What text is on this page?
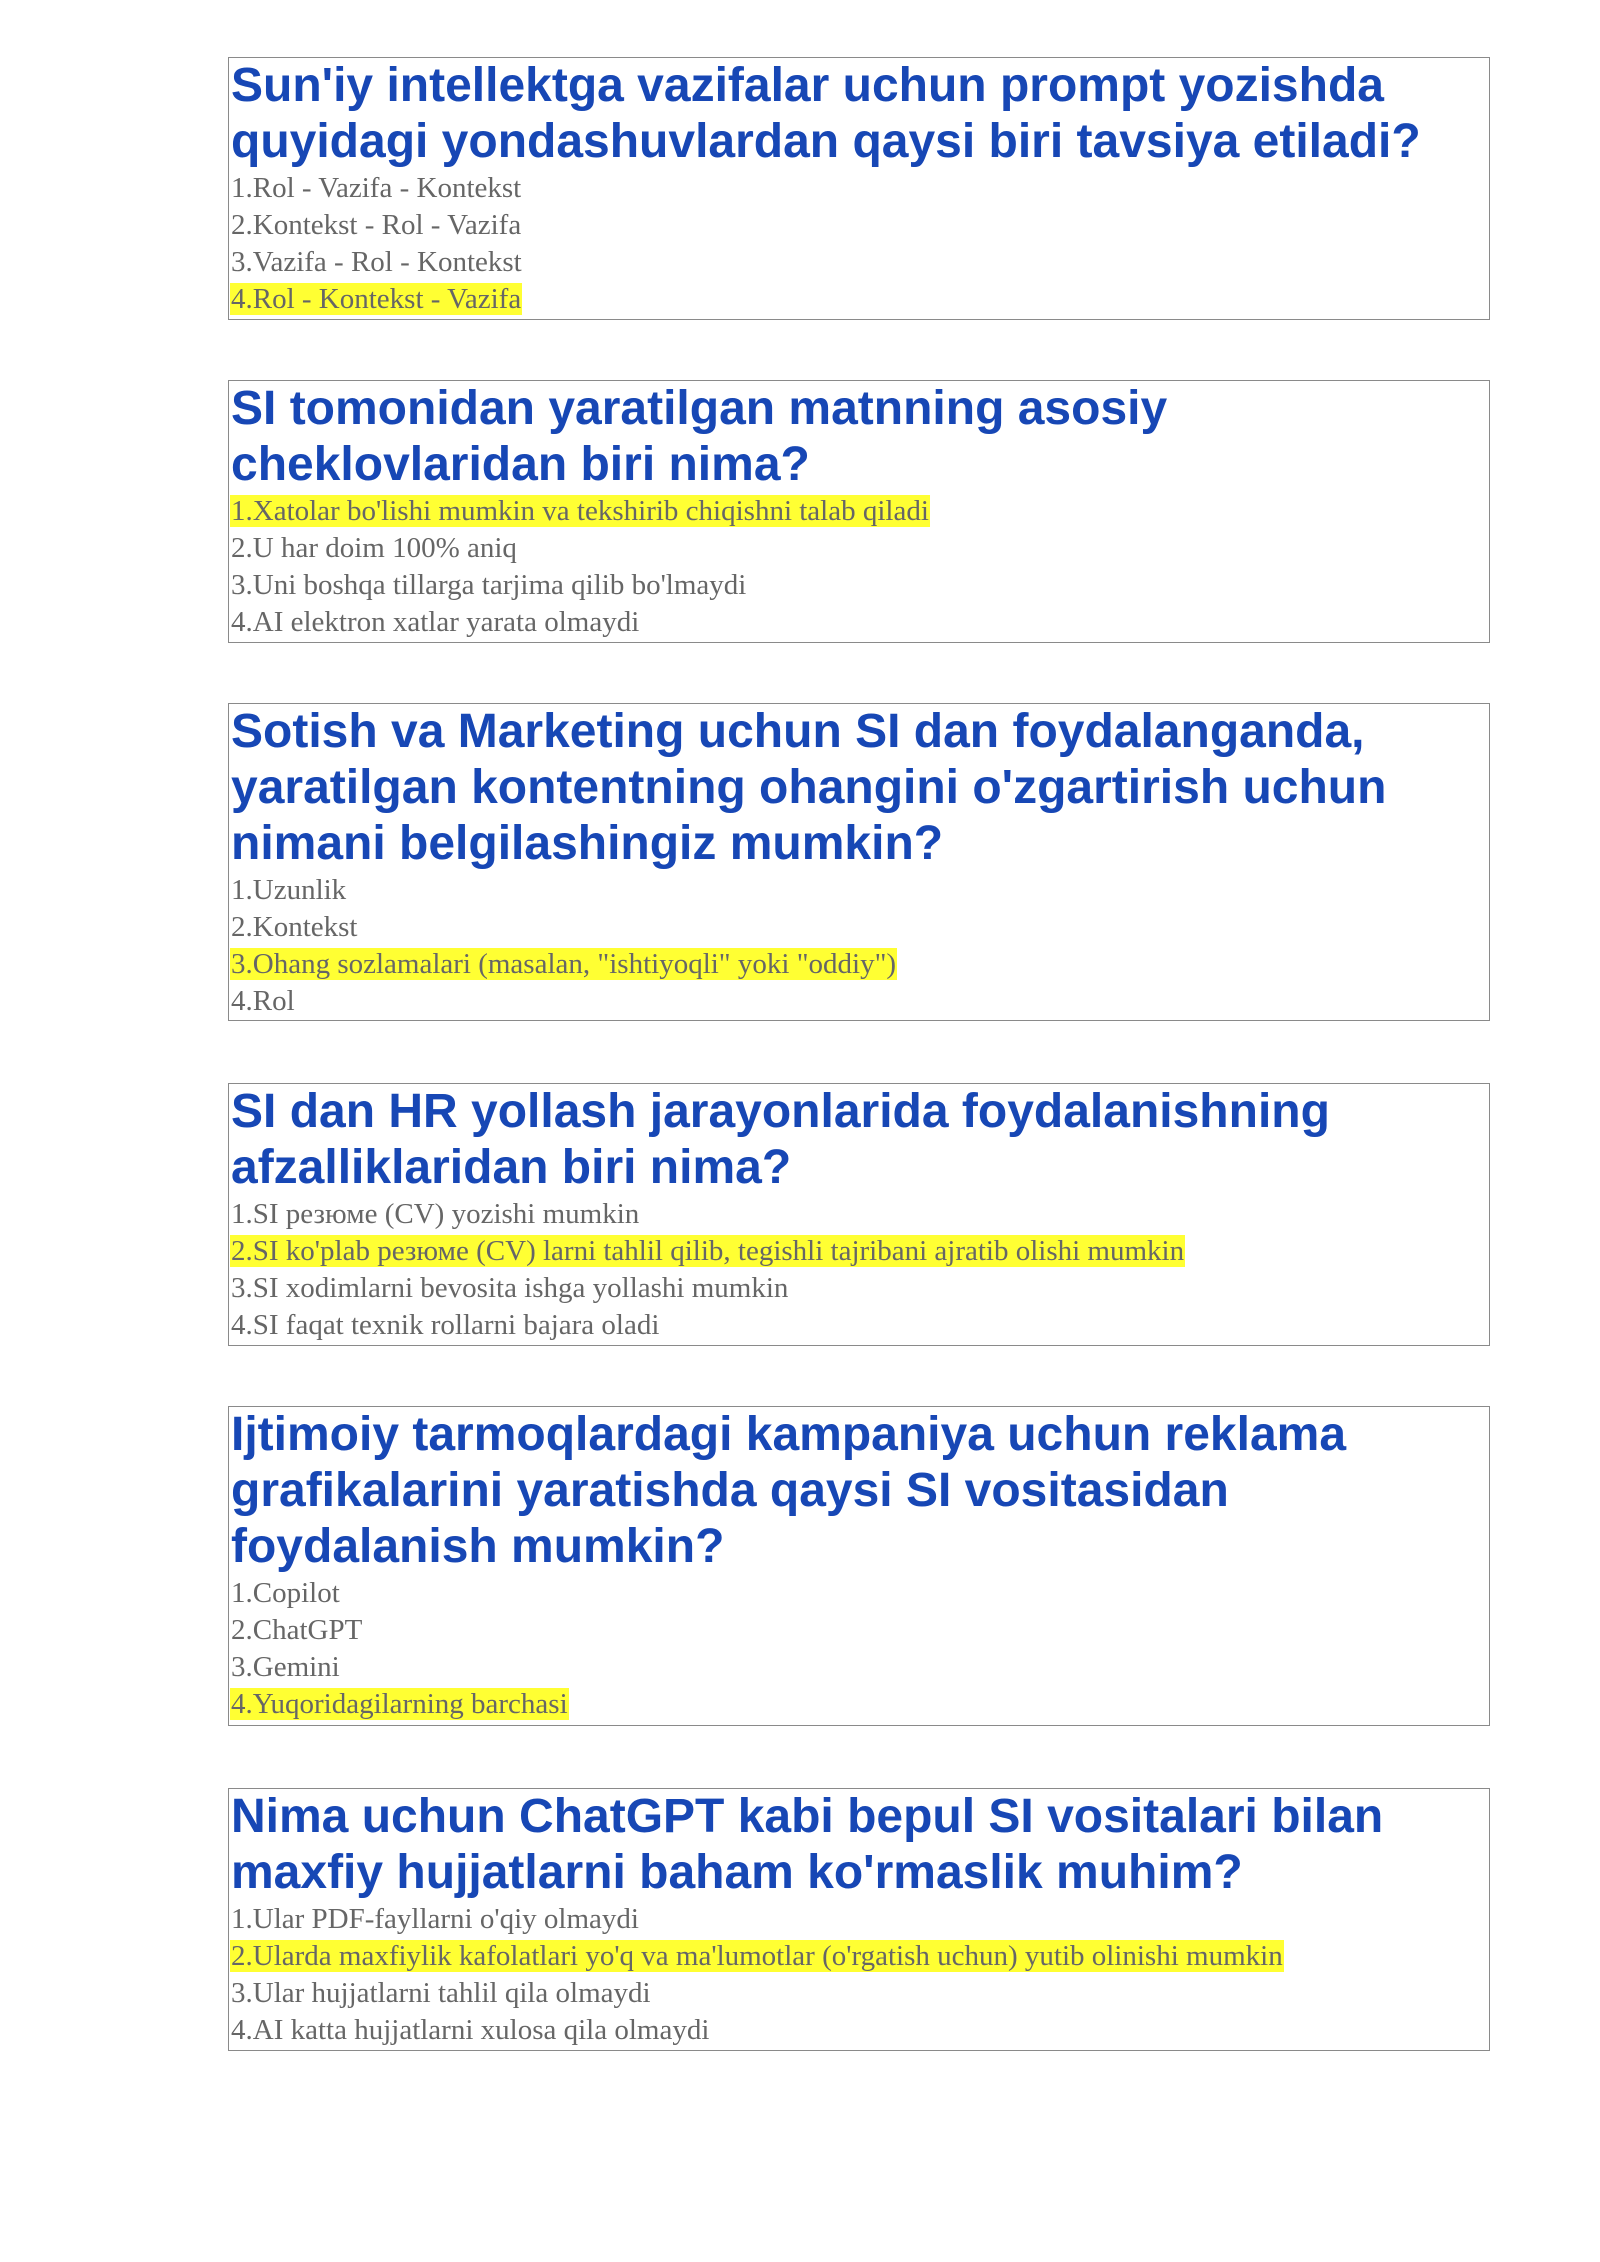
Sun'iy intellektga vazifalar uchun prompt yozishda quyidagi yondashuvlardan qaysi biri tavsiya etiladi?
1.Rol - Vazifa - Kontekst
2.Kontekst - Rol - Vazifa
3.Vazifa - Rol - Kontekst
4.Rol - Kontekst - Vazifa
SI tomonidan yaratilgan matnning asosiy cheklovlaridan biri nima?
1.Xatolar bo'lishi mumkin va tekshirib chiqishni talab qiladi
2.U har doim 100% aniq
3.Uni boshqa tillarga tarjima qilib bo'lmaydi
4.AI elektron xatlar yarata olmaydi
Sotish va Marketing uchun SI dan foydalanganda, yaratilgan kontentning ohangini o'zgartirish uchun nimani belgilashingiz mumkin?
1.Uzunlik
2.Kontekst
3.Ohang sozlamalari (masalan, "ishtiyoqli" yoki "oddiy")
4.Rol
SI dan HR yollash jarayonlarida foydalanishning afzalliklaridan biri nima?
1.SI резюме (CV) yozishi mumkin
2.SI ko'plab резюме (CV) larni tahlil qilib, tegishli tajribani ajratib olishi mumkin
3.SI xodimlarni bevosita ishga yollashi mumkin
4.SI faqat texnik rollarni bajara oladi
Ijtimoiy tarmoqlardagi kampaniya uchun reklama grafikalarini yaratishda qaysi SI vositasidan foydalanish mumkin?
1.Copilot
2.ChatGPT
3.Gemini
4.Yuqoridagilarning barchasi
Nima uchun ChatGPT kabi bepul SI vositalari bilan maxfiy hujjatlarni baham ko'rmaslik muhim?
1.Ular PDF-fayllarni o'qiy olmaydi
2.Ularda maxfiylik kafolatlari yo'q va ma'lumotlar (o'rgatish uchun) yutib olinishi mumkin
3.Ular hujjatlarni tahlil qila olmaydi
4.AI katta hujjatlarni xulosa qila olmaydi
